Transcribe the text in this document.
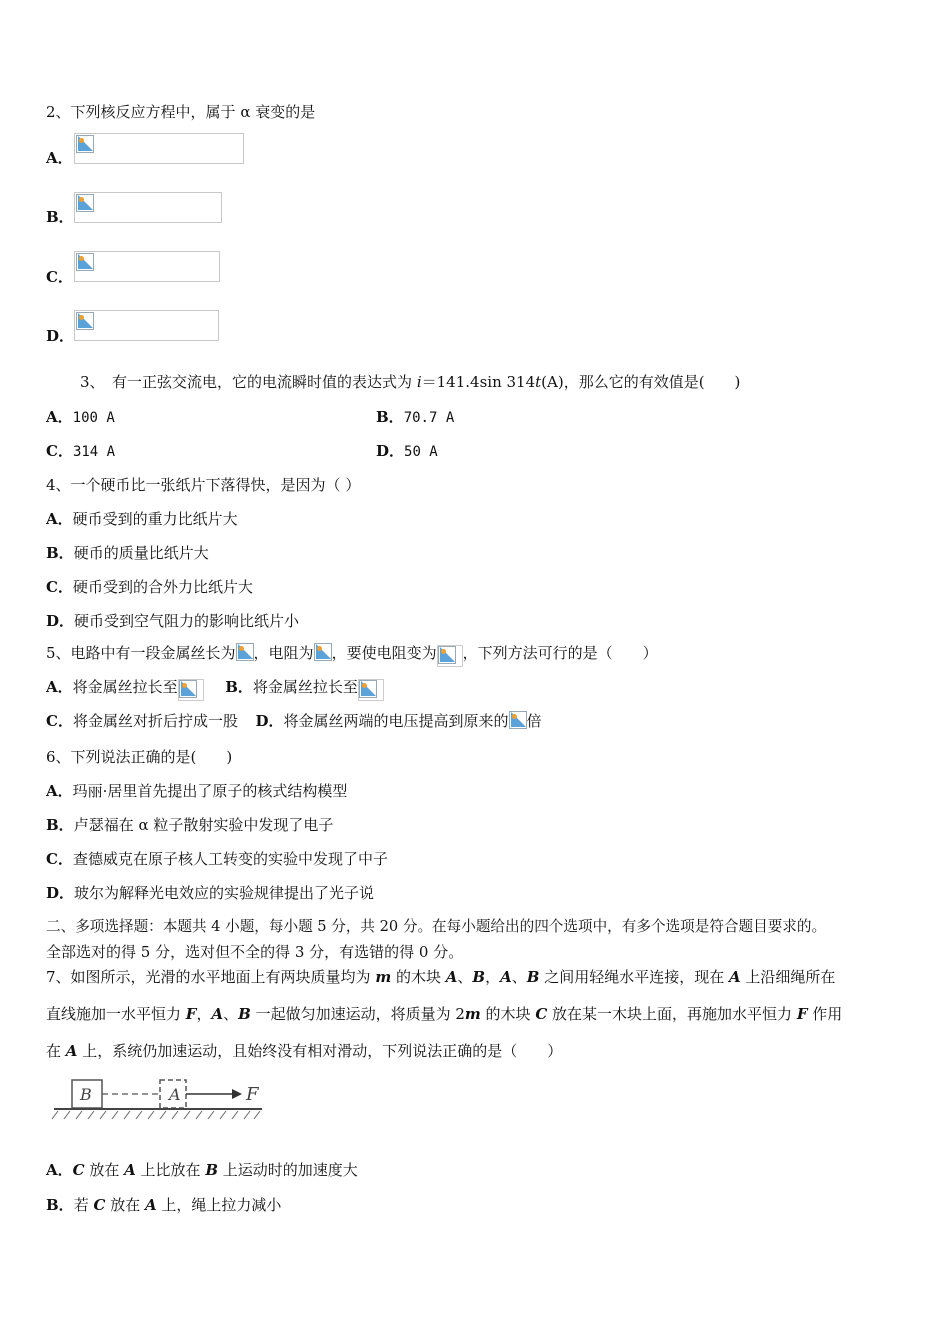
2、下列核反应方程中，属于 α 衰变的是
A．
B．
C．
D．
3、　有一正弦交流电，它的电流瞬时值的表达式为 i＝141.4sin 314t(A)，那么它的有效值是(　　)
A．100 A	B．70.7 A
C．314 A	D．50 A
4、一个硬币比一张纸片下落得快，是因为（ ）
A．硬币受到的重力比纸片大
B．硬币的质量比纸片大
C．硬币受到的合外力比纸片大
D．硬币受到空气阻力的影响比纸片小
5、电路中有一段金属丝长为 ，电阻为 ，要使电阻变为 ，下列方法可行的是（　　）
A．将金属丝拉长至	B．将金属丝拉长至
C．将金属丝对折后拧成一股 D．将金属丝两端的电压提高到原来的 倍
6、下列说法正确的是(　　)
A．玛丽·居里首先提出了原子的核式结构模型
B．卢瑟福在 α 粒子散射实验中发现了电子
C．查德威克在原子核人工转变的实验中发现了中子
D．玻尔为解释光电效应的实验规律提出了光子说
二、多项选择题：本题共 4 小题，每小题 5 分，共 20 分。在每小题给出的四个选项中，有多个选项是符合题目要求的。
全部选对的得 5 分，选对但不全的得 3 分，有选错的得 0 分。
7、如图所示，光滑的水平地面上有两块质量均为 m 的木块 A、B，A、B 之间用轻绳水平连接，现在 A 上沿细绳所在
直线施加一水平恒力 F，A、B 一起做匀加速运动，将质量为 2m 的木块 C 放在某一木块上面，再施加水平恒力 F 作用
在 A 上，系统仍加速运动，且始终没有相对滑动，下列说法正确的是（　　）
B	A	F
A．C 放在 A 上比放在 B 上运动时的加速度大
B．若 C 放在 A 上，绳上拉力减小
